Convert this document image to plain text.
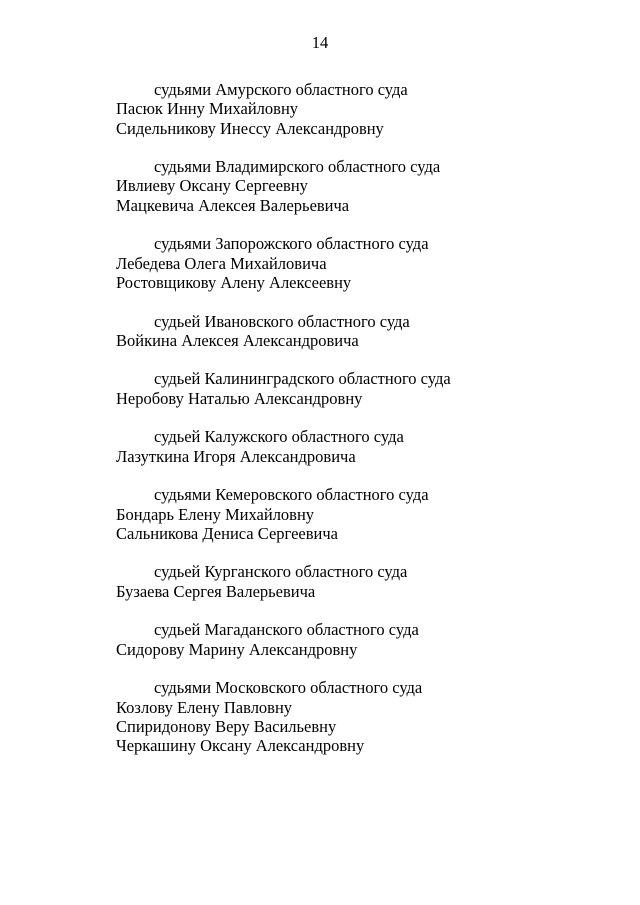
14
судьями Амурского областного суда
Пасюк Инну Михайловну
Сидельникову Инессу Александровну
судьями Владимирского областного суда
Ивлиеву Оксану Сергеевну
Мацкевича Алексея Валерьевича
судьями Запорожского областного суда
Лебедева Олега Михайловича
Ростовщикову Алену Алексеевну
судьей Ивановского областного суда
Войкина Алексея Александровича
судьей Калининградского областного суда
Неробову Наталью Александровну
судьей Калужского областного суда
Лазуткина Игоря Александровича
судьями Кемеровского областного суда
Бондарь Елену Михайловну
Сальникова Дениса Сергеевича
судьей Курганского областного суда
Бузаева Сергея Валерьевича
судьей Магаданского областного суда
Сидорову Марину Александровну
судьями Московского областного суда
Козлову Елену Павловну
Спиридонову Веру Васильевну
Черкашину Оксану Александровну
